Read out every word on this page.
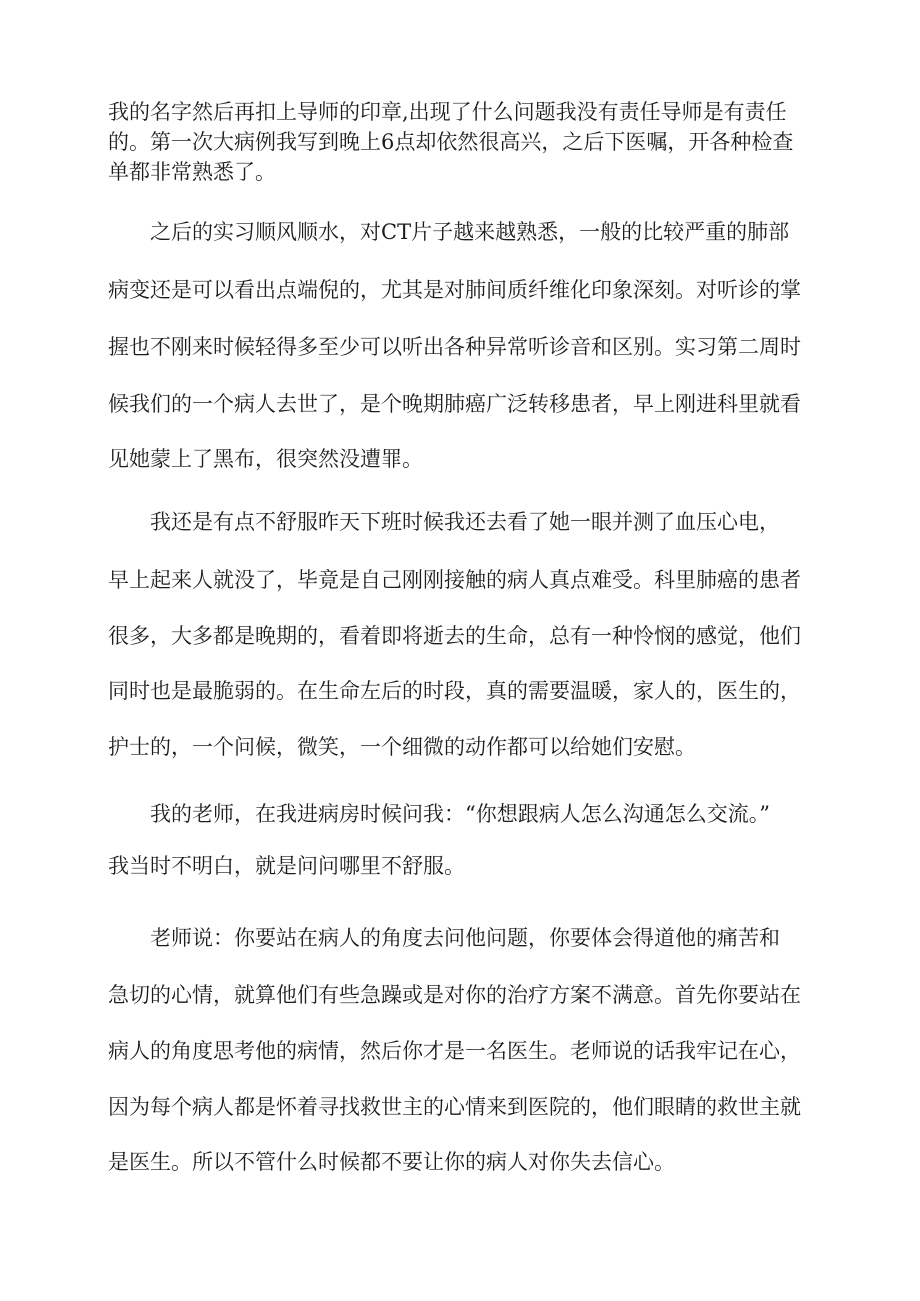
我的名字然后再扣上导师的印章,出现了什么问题我没有责任导师是有责任
的。第一次大病例我写到晚上6点却依然很高兴，之后下医嘱，开各种检查
单都非常熟悉了。
之后的实习顺风顺水，对CT片子越来越熟悉，一般的比较严重的肺部
病变还是可以看出点端倪的，尤其是对肺间质纤维化印象深刻。对听诊的掌
握也不刚来时候轻得多至少可以听出各种异常听诊音和区别。实习第二周时
候我们的一个病人去世了，是个晚期肺癌广泛转移患者，早上刚进科里就看
见她蒙上了黑布，很突然没遭罪。
我还是有点不舒服昨天下班时候我还去看了她一眼并测了血压心电，
早上起来人就没了，毕竟是自己刚刚接触的病人真点难受。科里肺癌的患者
很多，大多都是晚期的，看着即将逝去的生命，总有一种怜悯的感觉，他们
同时也是最脆弱的。在生命左后的时段，真的需要温暖，家人的，医生的，
护士的，一个问候，微笑，一个细微的动作都可以给她们安慰。
我的老师，在我进病房时候问我：“你想跟病人怎么沟通怎么交流。”
我当时不明白，就是问问哪里不舒服。
老师说：你要站在病人的角度去问他问题，你要体会得道他的痛苦和
急切的心情，就算他们有些急躁或是对你的治疗方案不满意。首先你要站在
病人的角度思考他的病情，然后你才是一名医生。老师说的话我牢记在心，
因为每个病人都是怀着寻找救世主的心情来到医院的，他们眼睛的救世主就
是医生。所以不管什么时候都不要让你的病人对你失去信心。
